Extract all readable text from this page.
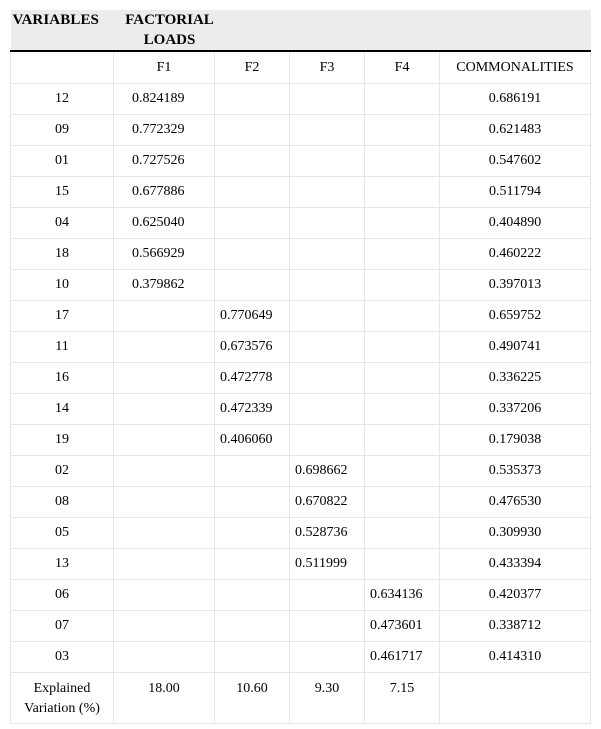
VARIABLES FACTORIAL LOADS					

	F1	F2	F3	F4	COMMONALITIES
12	0.824189				0.686191
09	0.772329				0.621483
01	0.727526				0.547602
15	0.677886				0.511794
04	0.625040				0.404890
18	0.566929				0.460222
10	0.379862				0.397013
17		0.770649			0.659752
11		0.673576			0.490741
16		0.472778			0.336225
14		0.472339			0.337206
19		0.406060			0.179038
02			0.698662		0.535373
08			0.670822		0.476530
05			0.528736		0.309930
13			0.511999		0.433394
06				0.634136	0.420377
07				0.473601	0.338712
03				0.461717	0.414310
Explained Variation (%)	18.00	10.60	9.30	7.15	
